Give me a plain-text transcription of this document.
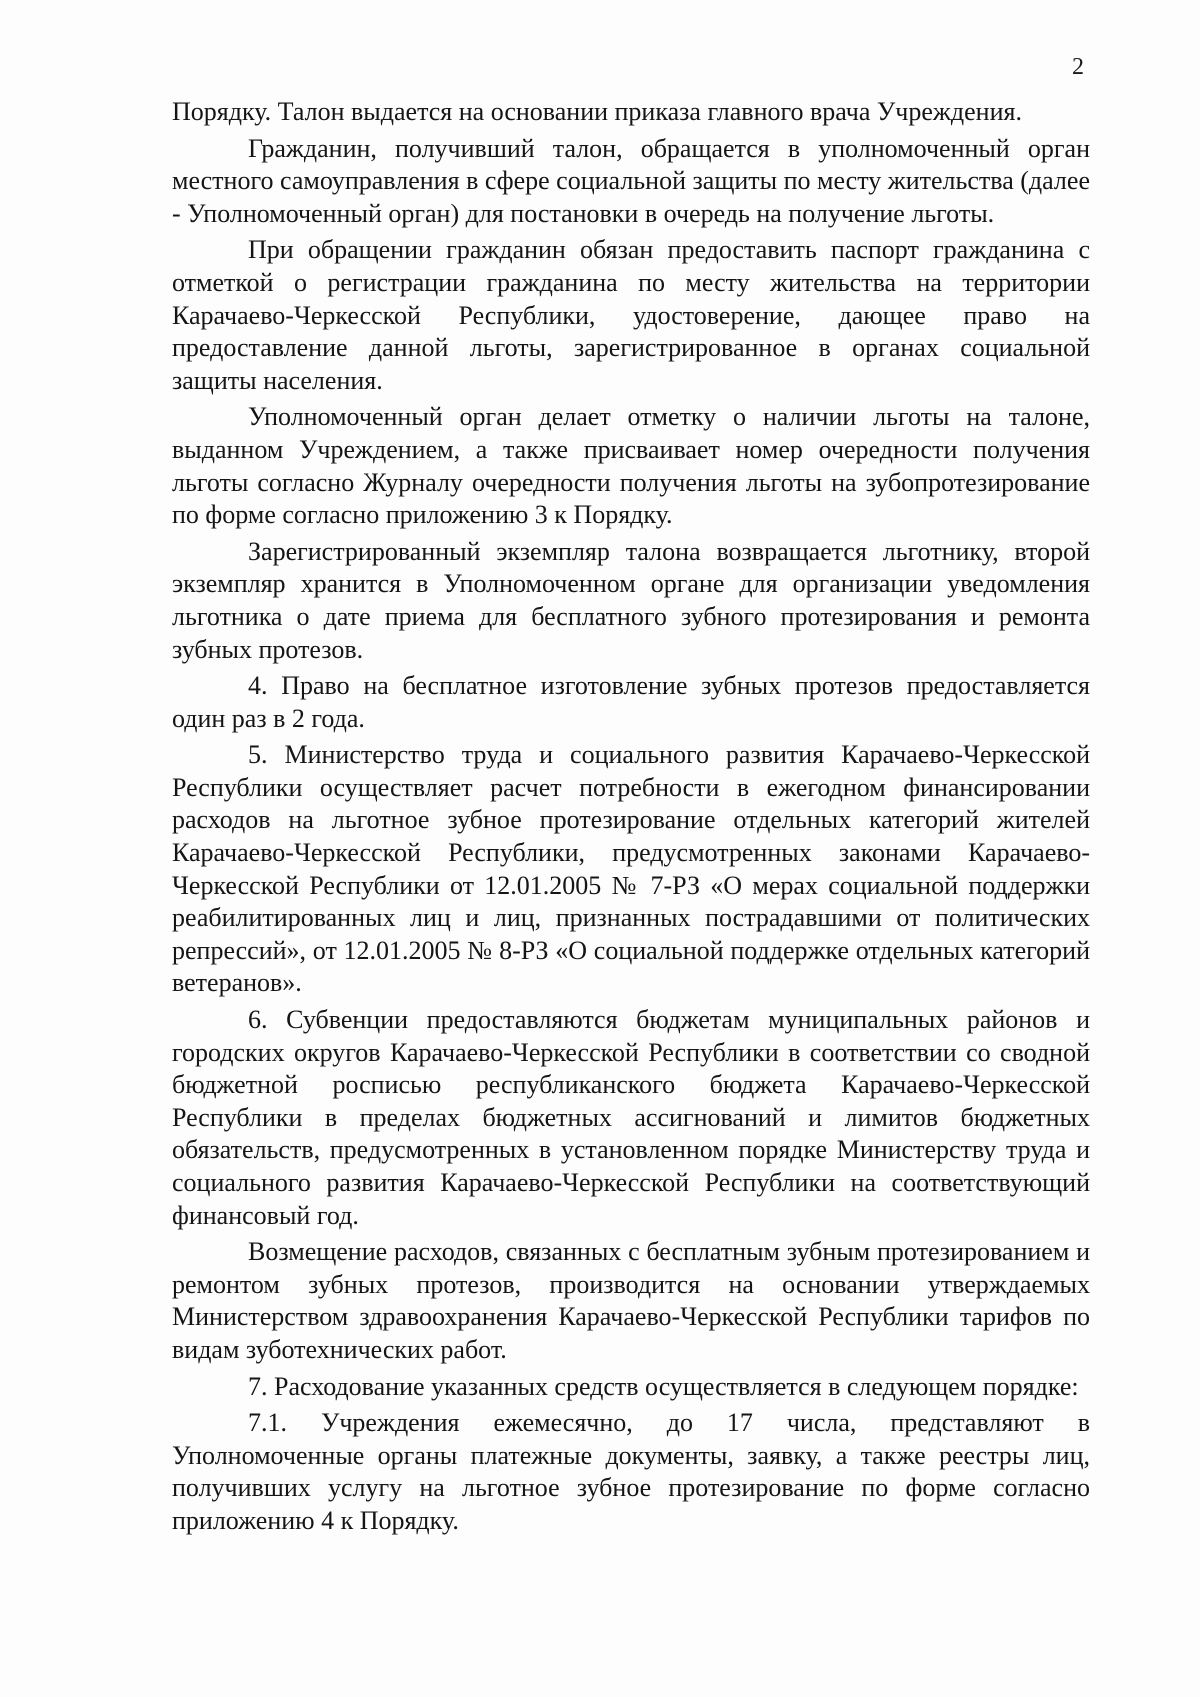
2

Порядку. Талон выдается на основании приказа главного врача Учреждения.

Гражданин, получивший талон, обращается в уполномоченный орган местного самоуправления в сфере социальной защиты по месту жительства (далее - Уполномоченный орган) для постановки в очередь на получение льготы.

При обращении гражданин обязан предоставить паспорт гражданина с отметкой о регистрации гражданина по месту жительства на территории Карачаево-Черкесской Республики, удостоверение, дающее право на предоставление данной льготы, зарегистрированное в органах социальной защиты населения.

Уполномоченный орган делает отметку о наличии льготы на талоне, выданном Учреждением, а также присваивает номер очередности получения льготы согласно Журналу очередности получения льготы на зубопротезирование по форме согласно приложению 3 к Порядку.

Зарегистрированный экземпляр талона возвращается льготнику, второй экземпляр хранится в Уполномоченном органе для организации уведомления льготника о дате приема для бесплатного зубного протезирования и ремонта зубных протезов.

4. Право на бесплатное изготовление зубных протезов предоставляется один раз в 2 года.

5. Министерство труда и социального развития Карачаево-Черкесской Республики осуществляет расчет потребности в ежегодном финансировании расходов на льготное зубное протезирование отдельных категорий жителей Карачаево-Черкесской Республики, предусмотренных законами Карачаево-Черкесской Республики от 12.01.2005 № 7-РЗ «О мерах социальной поддержки реабилитированных лиц и лиц, признанных пострадавшими от политических репрессий», от 12.01.2005 № 8-РЗ «О социальной поддержке отдельных категорий ветеранов».

6. Субвенции предоставляются бюджетам муниципальных районов и городских округов Карачаево-Черкесской Республики в соответствии со сводной бюджетной росписью республиканского бюджета Карачаево-Черкесской Республики в пределах бюджетных ассигнований и лимитов бюджетных обязательств, предусмотренных в установленном порядке Министерству труда и социального развития Карачаево-Черкесской Республики на соответствующий финансовый год.

Возмещение расходов, связанных с бесплатным зубным протезированием и ремонтом зубных протезов, производится на основании утверждаемых Министерством здравоохранения Карачаево-Черкесской Республики тарифов по видам зуботехнических работ.

7. Расходование указанных средств осуществляется в следующем порядке:

7.1. Учреждения ежемесячно, до 17 числа, представляют в Уполномоченные органы платежные документы, заявку, а также реестры лиц, получивших услугу на льготное зубное протезирование по форме согласно приложению 4 к Порядку.
